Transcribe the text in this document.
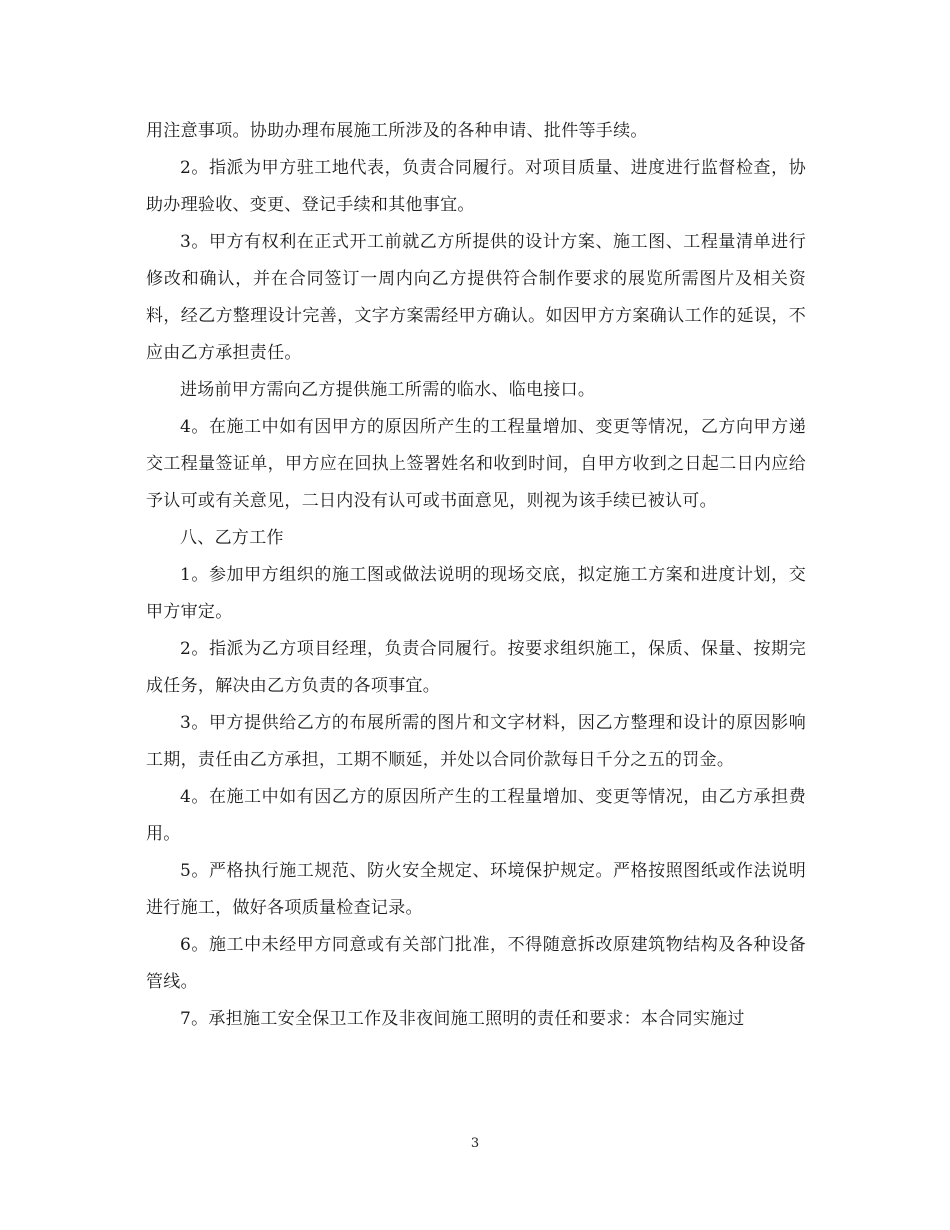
用注意事项。协助办理布展施工所涉及的各种申请、批件等手续。

2。指派为甲方驻工地代表，负责合同履行。对项目质量、进度进行监督检查，协助办理验收、变更、登记手续和其他事宜。

3。甲方有权利在正式开工前就乙方所提供的设计方案、施工图、工程量清单进行修改和确认，并在合同签订一周内向乙方提供符合制作要求的展览所需图片及相关资料，经乙方整理设计完善，文字方案需经甲方确认。如因甲方方案确认工作的延误，不应由乙方承担责任。

进场前甲方需向乙方提供施工所需的临水、临电接口。

4。在施工中如有因甲方的原因所产生的工程量增加、变更等情况，乙方向甲方递交工程量签证单，甲方应在回执上签署姓名和收到时间，自甲方收到之日起二日内应给予认可或有关意见，二日内没有认可或书面意见，则视为该手续已被认可。

八、乙方工作

1。参加甲方组织的施工图或做法说明的现场交底，拟定施工方案和进度计划，交甲方审定。

2。指派为乙方项目经理，负责合同履行。按要求组织施工，保质、保量、按期完成任务，解决由乙方负责的各项事宜。

3。甲方提供给乙方的布展所需的图片和文字材料，因乙方整理和设计的原因影响工期，责任由乙方承担，工期不顺延，并处以合同价款每日千分之五的罚金。

4。在施工中如有因乙方的原因所产生的工程量增加、变更等情况，由乙方承担费用。

5。严格执行施工规范、防火安全规定、环境保护规定。严格按照图纸或作法说明进行施工，做好各项质量检查记录。

6。施工中未经甲方同意或有关部门批准，不得随意拆改原建筑物结构及各种设备管线。

7。承担施工安全保卫工作及非夜间施工照明的责任和要求：本合同实施过

3
